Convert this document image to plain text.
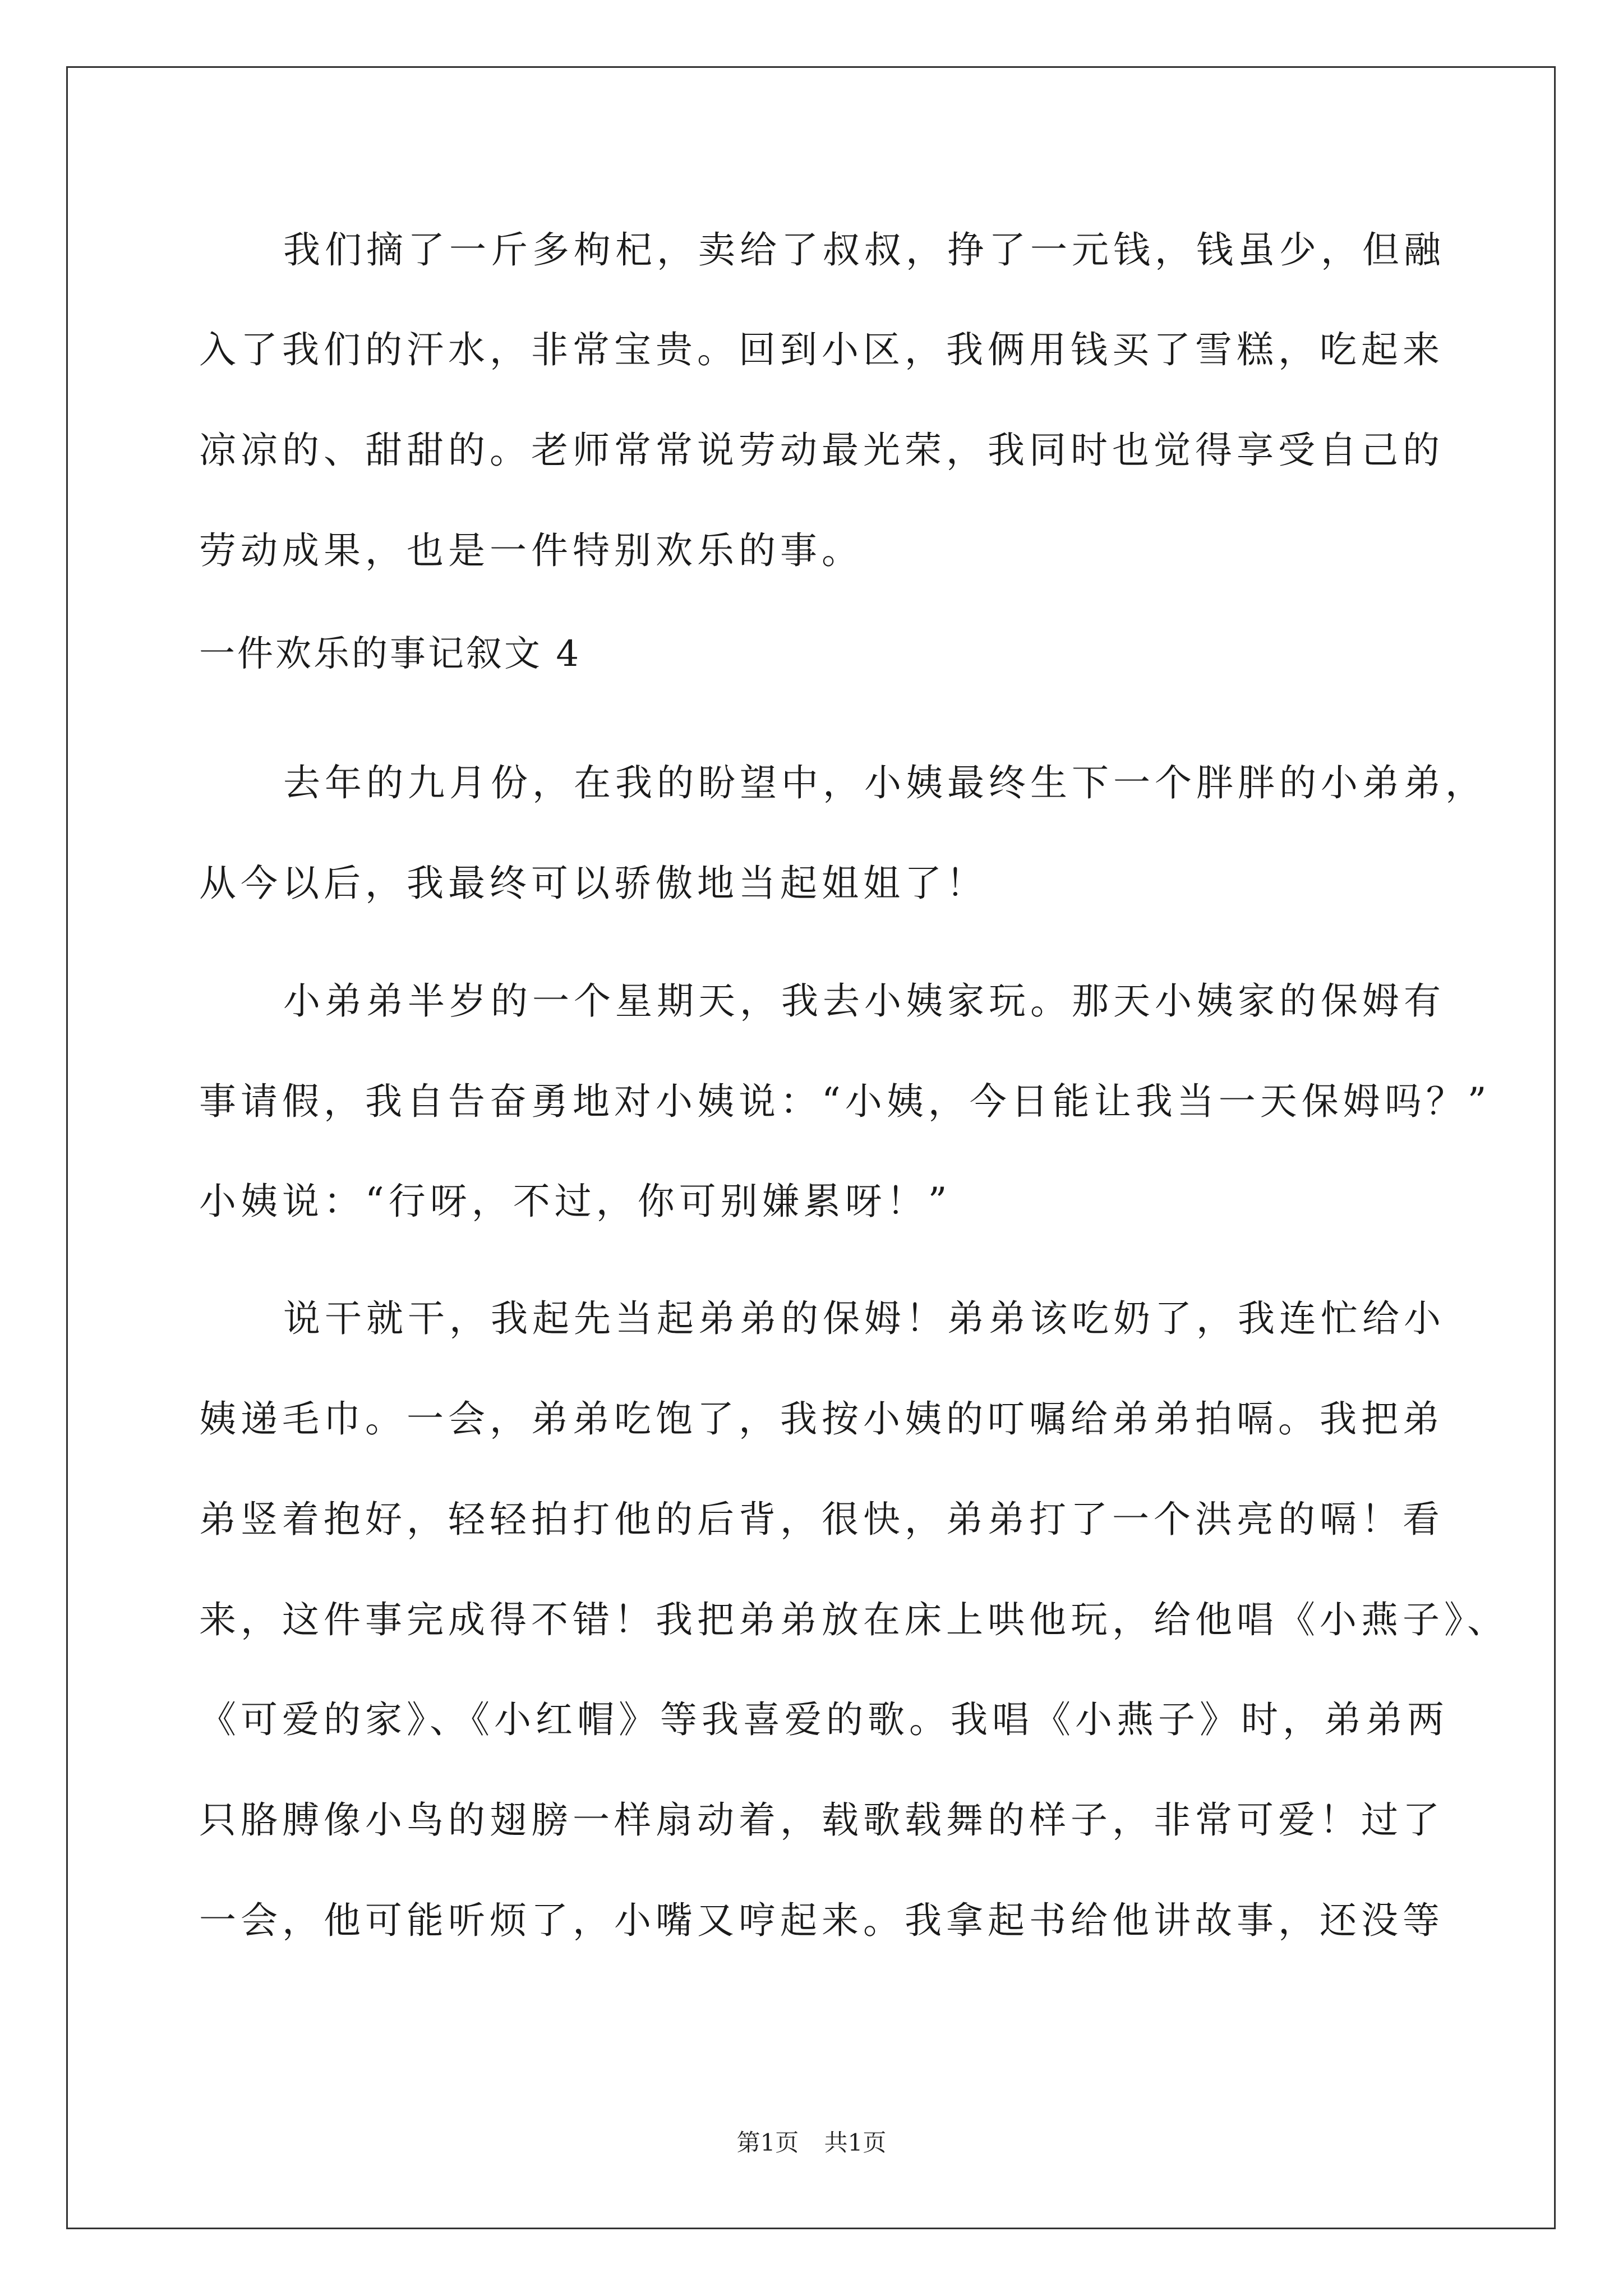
我们摘了一斤多枸杞，卖给了叔叔，挣了一元钱，钱虽少，但融
入了我们的汗水，非常宝贵。回到小区，我俩用钱买了雪糕，吃起来
凉凉的、甜甜的。老师常常说劳动最光荣，我同时也觉得享受自己的
劳动成果，也是一件特别欢乐的事。
一件欢乐的事记叙文 4
去年的九月份，在我的盼望中，小姨最终生下一个胖胖的小弟弟，
从今以后，我最终可以骄傲地当起姐姐了！
小弟弟半岁的一个星期天，我去小姨家玩。那天小姨家的保姆有
事请假，我自告奋勇地对小姨说：“小姨，今日能让我当一天保姆吗？”
小姨说：“行呀，不过，你可别嫌累呀！”
说干就干，我起先当起弟弟的保姆！弟弟该吃奶了，我连忙给小
姨递毛巾。一会，弟弟吃饱了，我按小姨的叮嘱给弟弟拍嗝。我把弟
弟竖着抱好，轻轻拍打他的后背，很快，弟弟打了一个洪亮的嗝！看
来，这件事完成得不错！我把弟弟放在床上哄他玩，给他唱《小燕子》、
《可爱的家》、《小红帽》等我喜爱的歌。我唱《小燕子》时，弟弟两
只胳膊像小鸟的翅膀一样扇动着，载歌载舞的样子，非常可爱！过了
一会，他可能听烦了，小嘴又哼起来。我拿起书给他讲故事，还没等
第1页 共1页
